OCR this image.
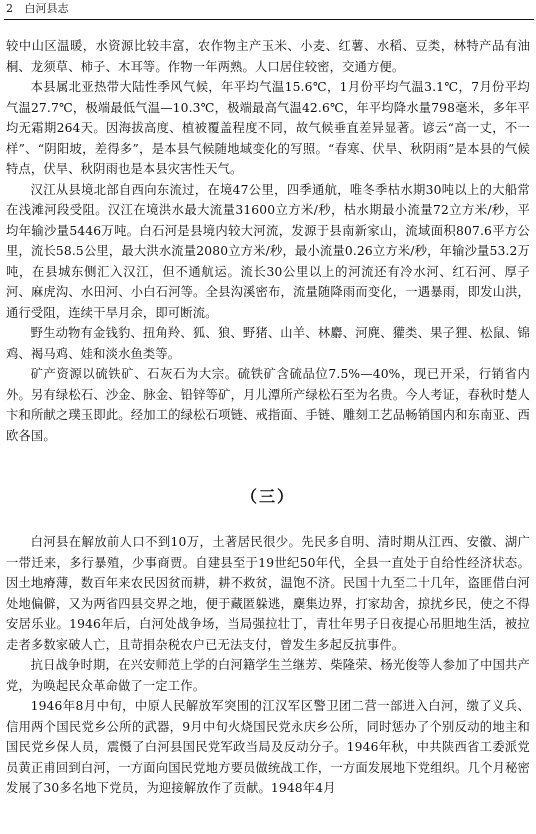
2 白河县志

较中山区温暖，水资源比较丰富，农作物主产玉米、小麦、红薯、水稻、豆类，林特产品有油桐、龙须草、柿子、木耳等。作物一年两熟。人口居住较密，交通方便。

本县属北亚热带大陆性季风气候，年平均气温15.6℃，1月份平均气温3.1℃，7月份平均气温27.7℃，极端最低气温—10.3℃，极端最高气温42.6℃，年平均降水量798毫米，多年平均无霜期264天。因海拔高度、植被覆盖程度不同，故气候垂直差异显著。谚云“高一丈，不一样”、“阴阳坡，差得多”，是本县气候随地域变化的写照。“春寒、伏旱、秋阴雨”是本县的气候特点，伏旱、秋阴雨也是本县灾害性天气。

汉江从县境北部自西向东流过，在境47公里，四季通航，唯冬季枯水期30吨以上的大船常在浅滩河段受阻。汉江在境洪水最大流量31600立方米/秒，枯水期最小流量72立方米/秒，平均年输沙量5446万吨。白石河是县境内较大河流，发源于县南新家山，流域面积807.6平方公里，流长58.5公里，最大洪水流量2080立方米/秒，最小流量0.26立方米/秒，年输沙量53.2万吨，在县城东侧汇入汉江，但不通航运。流长30公里以上的河流还有冷水河、红石河、厚子河、麻虎沟、水田河、小白石河等。全县沟溪密布，流量随降雨而变化，一遇暴雨，即发山洪，通行受阻，连续干旱月余，即可断流。

野生动物有金钱豹、扭角羚、狐、狼、野猪、山羊、林麝、河麂、獾类、果子狸、松鼠、锦鸡、褐马鸡、娃和淡水鱼类等。

矿产资源以硫铁矿、石灰石为大宗。硫铁矿含硫品位7.5%—40%，现已开采，行销省内外。另有绿松石、沙金、脉金、铅锌等矿，月儿潭所产绿松石至为名贵。今人考证，春秋时楚人卞和所献之璞玉即此。经加工的绿松石项链、戒指面、手链、雕刻工艺品畅销国内和东南亚、西欧各国。

（三）

白河县在解放前人口不到10万，土著居民很少。先民多自明、清时期从江西、安徽、湖广一带迁来，多行暴殖，少事商贾。自建县至于19世纪50年代，全县一直处于自给性经济状态。因土地瘠薄，数百年来农民因贫而耕，耕不救贫，温饱不济。民国十九至二十几年，盗匪借白河处地偏僻，又为两省四县交界之地，便于藏匿躲逃，麇集边界，打家劫舍，掠扰乡民，使之不得安居乐业。1946年后，白河处战争场，当局强拉壮丁，青壮年男子日夜提心吊胆地生活，被拉走者多数家破人亡，且苛捐杂税农户已无法支付，曾发生多起反抗事件。

抗日战争时期，在兴安师范上学的白河籍学生兰继芳、柴隆荣、杨光俊等人参加了中国共产党，为唤起民众革命做了一定工作。

1946年8月中旬，中原人民解放军突围的江汉军区警卫团二营一部进入白河，缴了义兵、信用两个国民党乡公所的武器，9月中旬火烧国民党永庆乡公所，同时惩办了个别反动的地主和国民党乡保人员，震慑了白河县国民党军政当局及反动分子。1946年秋，中共陕西省工委派党员黄正甫回到白河，一方面向国民党地方要员做统战工作，一方面发展地下党组织。几个月秘密发展了30多名地下党员，为迎接解放作了贡献。1948年4月
